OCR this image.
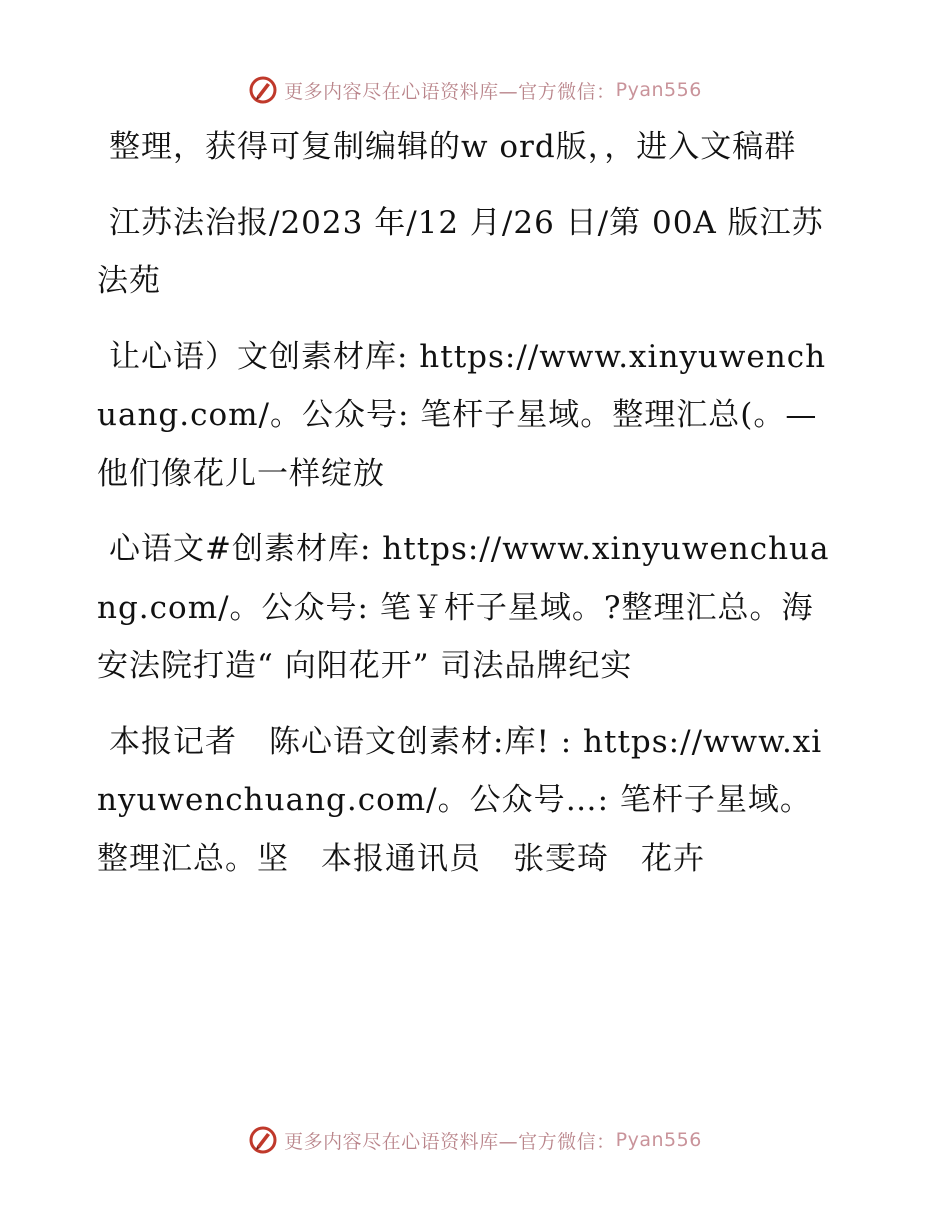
更多内容尽在心语资料库—官方微信： Pyan556

整理，获得可复制编辑的w ord版，，进入文稿群

江苏法治报/2023 年/12 月/26 日/第 00A 版江苏法苑

让心语）文创素材库: https://www.xinyuwenchuang.com/。公众号: 笔杆子星域。整理汇总(。—他们像花儿一样绽放

心语文#创素材库: https://www.xinyuwenchuang.com/。公众号: 笔￥杆子星域。?整理汇总。海安法院打造“ 向阳花开” 司法品牌纪实

本报记者　陈心语文创素材:库! : https://www.xinyuwenchuang.com/。公众号…: 笔杆子星域。整理汇总。坚　本报通讯员　张雯琦　花卉

更多内容尽在心语资料库—官方微信： Pyan556
